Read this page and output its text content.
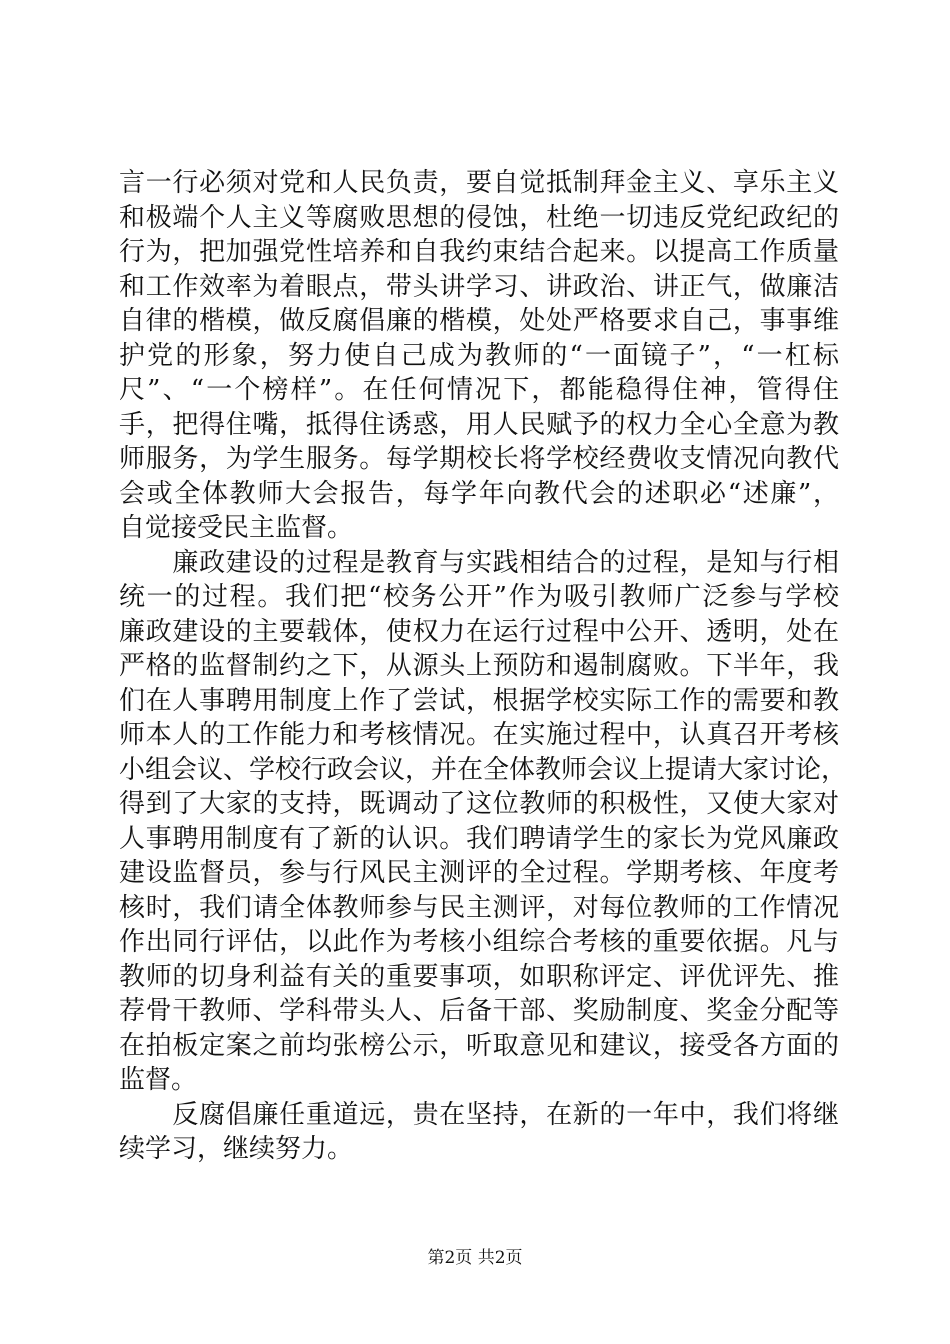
言一行必须对党和人民负责，要自觉抵制拜金主义、享乐主义
和极端个人主义等腐败思想的侵蚀，杜绝一切违反党纪政纪的
行为，把加强党性培养和自我约束结合起来。以提高工作质量
和工作效率为着眼点，带头讲学习、讲政治、讲正气，做廉洁
自律的楷模，做反腐倡廉的楷模，处处严格要求自己，事事维
护党的形象，努力使自己成为教师的“一面镜子”，“一杠标
尺”、“一个榜样”。在任何情况下，都能稳得住神，管得住
手，把得住嘴，抵得住诱惑，用人民赋予的权力全心全意为教
师服务，为学生服务。每学期校长将学校经费收支情况向教代
会或全体教师大会报告，每学年向教代会的述职必“述廉”，
自觉接受民主监督。
　　廉政建设的过程是教育与实践相结合的过程，是知与行相
统一的过程。我们把“校务公开”作为吸引教师广泛参与学校
廉政建设的主要载体，使权力在运行过程中公开、透明，处在
严格的监督制约之下，从源头上预防和遏制腐败。下半年，我
们在人事聘用制度上作了尝试，根据学校实际工作的需要和教
师本人的工作能力和考核情况。在实施过程中，认真召开考核
小组会议、学校行政会议，并在全体教师会议上提请大家讨论，
得到了大家的支持，既调动了这位教师的积极性，又使大家对
人事聘用制度有了新的认识。我们聘请学生的家长为党风廉政
建设监督员，参与行风民主测评的全过程。学期考核、年度考
核时，我们请全体教师参与民主测评，对每位教师的工作情况
作出同行评估，以此作为考核小组综合考核的重要依据。凡与
教师的切身利益有关的重要事项，如职称评定、评优评先、推
荐骨干教师、学科带头人、后备干部、奖励制度、奖金分配等
在拍板定案之前均张榜公示，听取意见和建议，接受各方面的
监督。
　　反腐倡廉任重道远，贵在坚持，在新的一年中，我们将继
续学习，继续努力。
第2页 共2页
